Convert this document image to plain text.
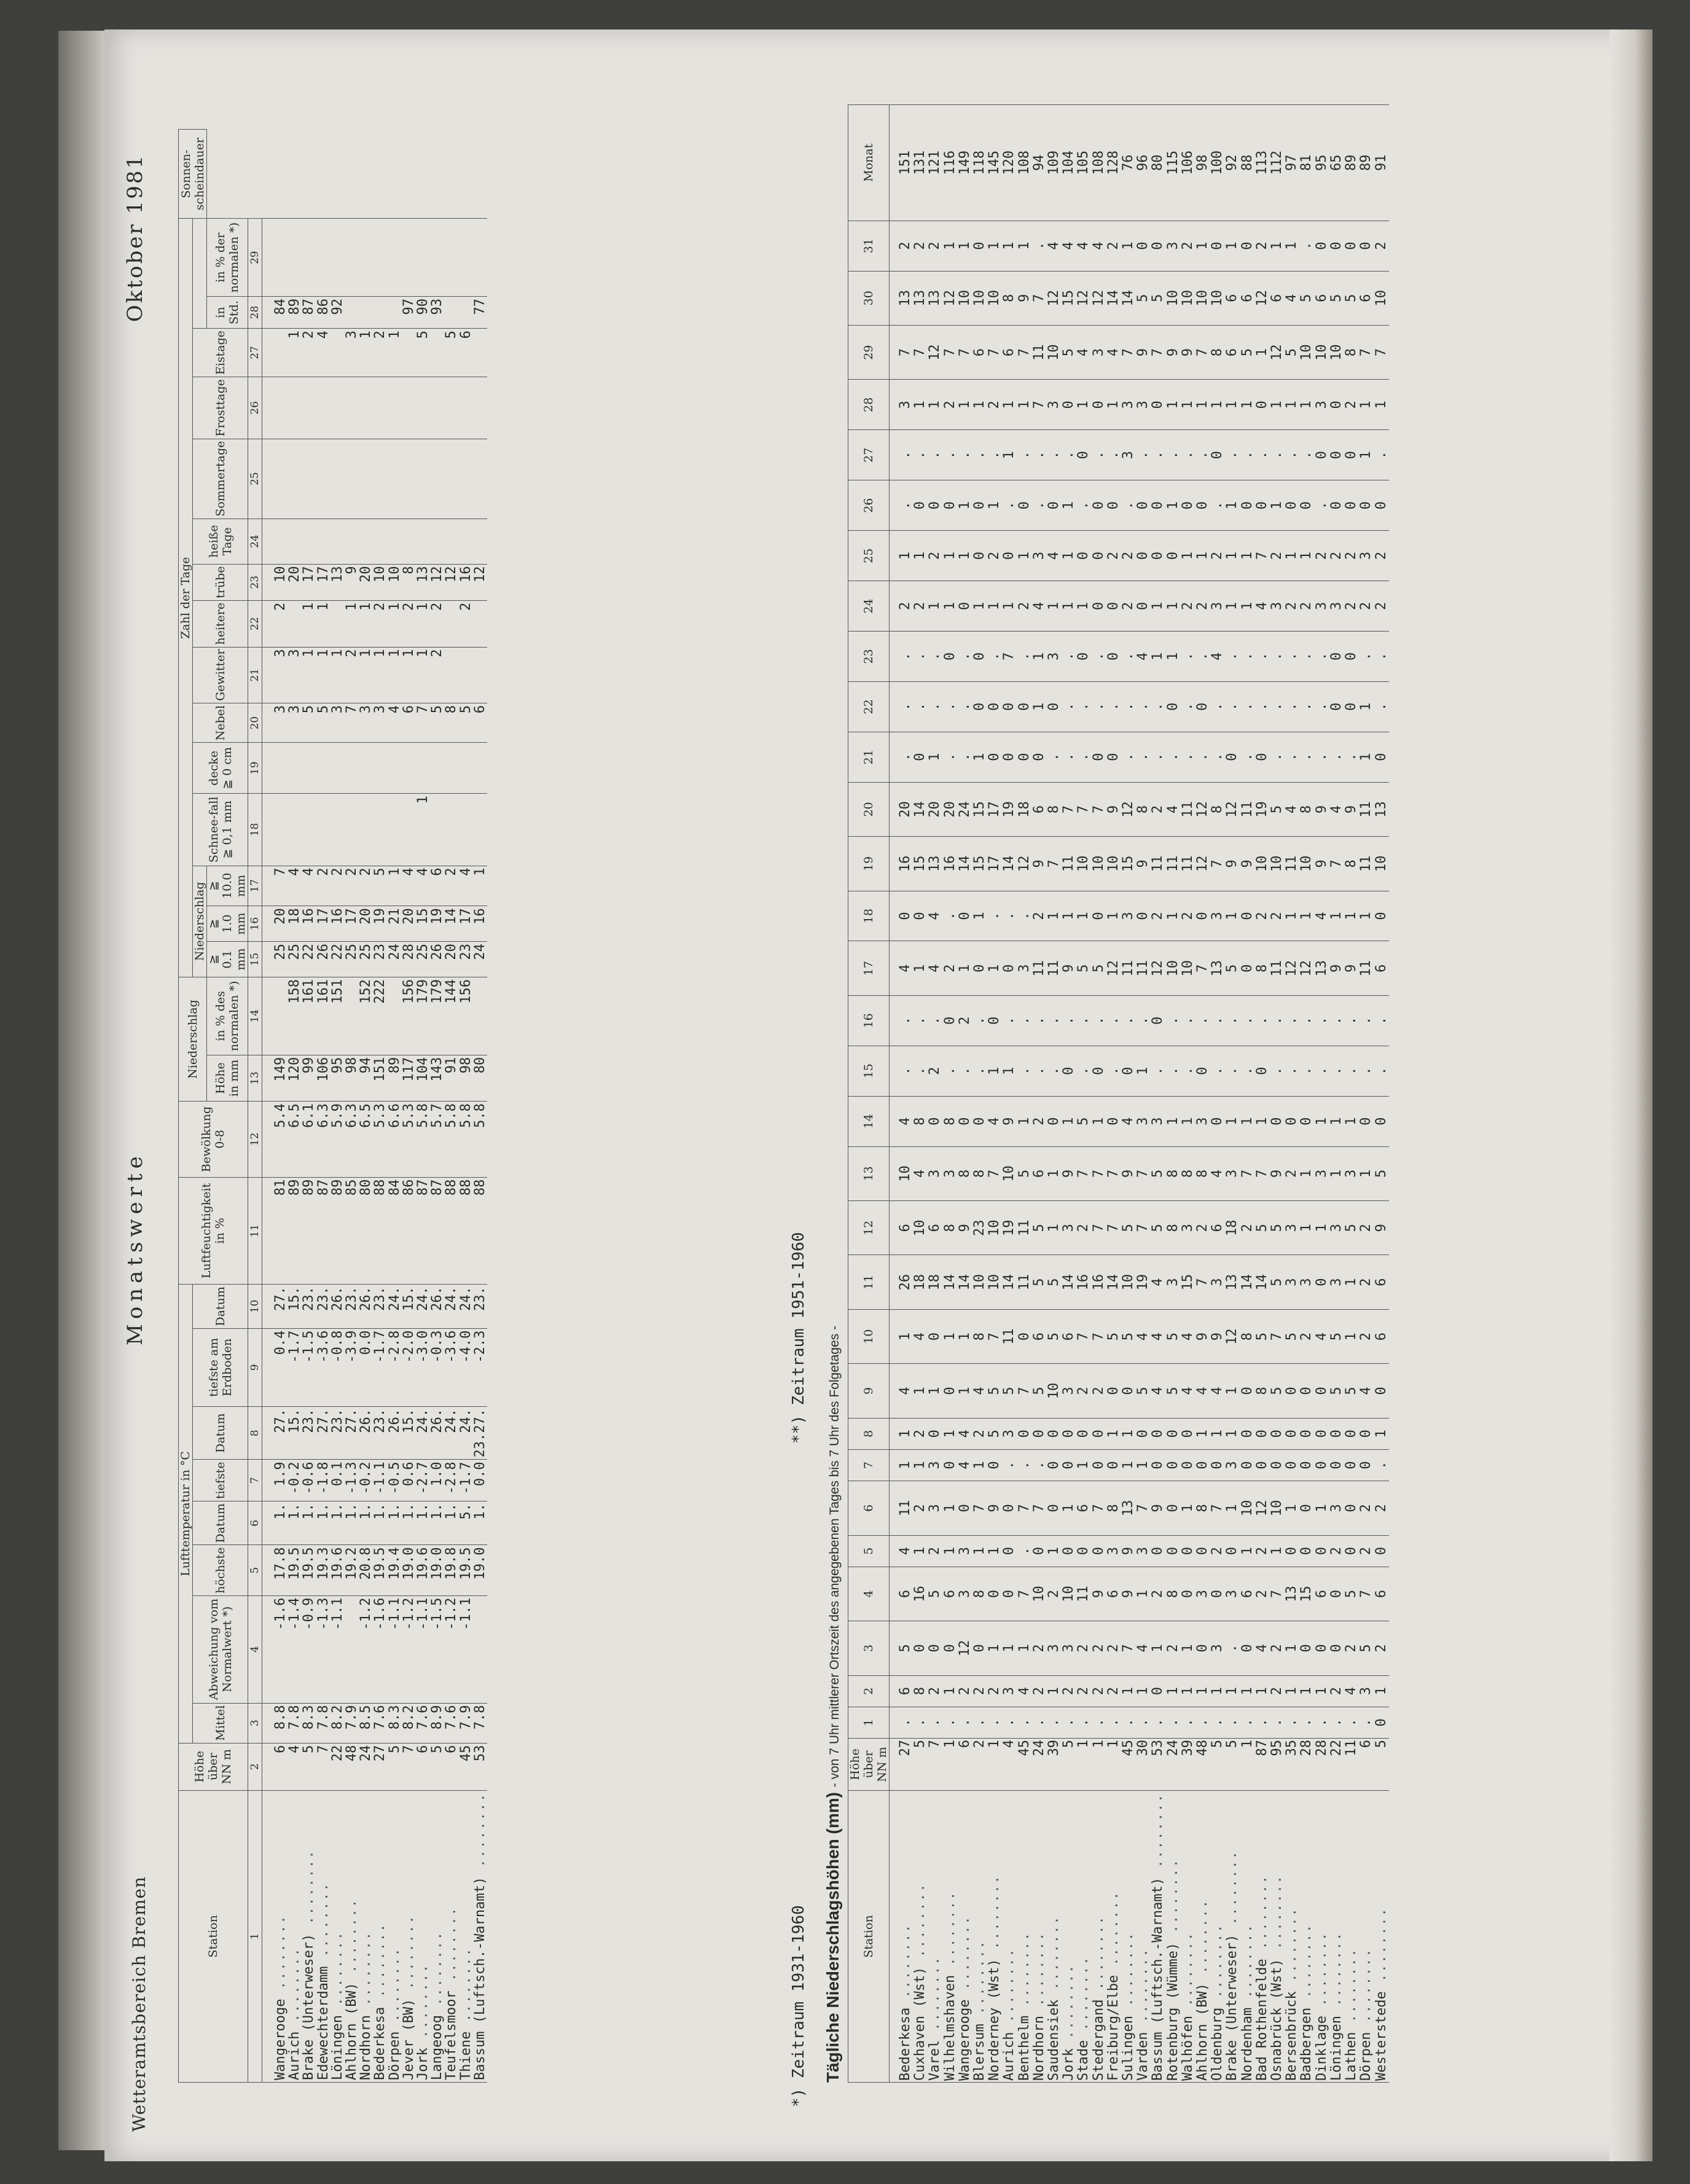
Wetteramtsbereich Bremen
Monatswerte
Oktober 1981
Station	Höhe über NN m	Lufttemperatur in °C								Luftfeuchtigkeit in %	Bewölkung 0-8	Niederschlag		Zahl der Tage															Sonnen-scheindauer
		Mittel	Abweichung vom Normalwert *)	höchste	Datum	tiefste	Datum	tiefste am Erdboden	Datum					Niederschlag			Schnee-fall ≧ 0,1 mm	decke ≧ 0 cm	Nebel	Gewitter	heitere	trübe	heiße Tage	Sommertage	Frosttage	Eistage			
												Höhe in mm	in % des normalen *)	≧ 0.1 mm	≧ 1.0 mm	≧ 10.0 mm											in Std.	in % der normalen *)	
1	2	3	4	5	6	7	8	9	10	11	12	13	14	15	16	17	18	19	20	21	22	23	24	25	26	27	28	29	
Wangerooge ........	6	8.8	-1.6	17.8	1.	1.9	27.	0.4	27.	81	5.4	149		25	20	7			3	3	2	10					84		
Aurich ........	4	7.8	-1.4	19.5	1.	-0.2	15.	-1.7	15.	89	6.5	120	158	25	18	4			3	3		20				1	89		
Brake (Unterweser) ........	5	8.3	-0.9	19.5	1.	-0.6	23.	-1.5	23.	89	6.1	99	161	22	16	4			5	1	1	17				2	87		
Edewechterdamm ........	7	7.8	-1.3	19.3	1.	-1.8	27.	-3.6	23.	87	6.3	106	161	26	17	2			5	1	1	17				4	86		
Löningen ........	22	8.2	-1.1	19.6	1.	0.1	23.	-0.8	26.	89	5.9	95	151	22	16	2			3	1		13					92		
Ahlhorn (BW) ........	48	7.9		19.2	1.	-1.3	27.	-3.9	23.	85	6.3	98		25	17	2			7	2	1	9				3			
Nordhorn ........	24	8.5	-1.2	20.8	1.	-0.2	26.	0.0	26.	80	6.5	94	152	25	20	2			3	1	1	20				1			
Bederkesa ........	27	7.6	-1.6	19.5	1.	-1.1	23.	-1.7	23.	88	5.3	151	222	23	19	5			3	1	2	10				2			
Dörpen ........	5	8.3	-1.1	19.4	1.	-0.5	26.	-2.8	24.	84	6.6	89		24	21	1			4	1	1	10				1			
Jever (BW) ........	7	8.2	-1.2	19.0	1.	0.6	15.	-2.0	15.	86	5.3	117	156	28	20	4			6	1	2	8					97		
Jork ........	6	7.6	-1.1	19.6	1.	-2.7	24.	-3.0	24.	87	5.8	104	179	25	15	4	1		7	1	1	13				5	90		
Langeoog ........	5	8.9	-1.5	19.0	1.	1.0	26.	-0.3	26.	87	5.7	143	179	26	19	6			5	2	2	12					93		
Teufelsmoor ........	6	7.6	-1.2	19.8	1.	-2.8	24.	-3.6	24.	88	5.8	91	144	20	14	2			8			12				5			
Thiene ........	45	7.9	-1.1	19.5	5.	-1.7	24.	-4.0	24.	88	5.8	98	156	23	17	4			5		2	16				6			
Bassum (Luftsch.-Warnamt) ........	53	7.8		19.0	1.	0.0	23.27.	-2.3	23.	88	5.8	80		24	16	1			6			12					77		
*) Zeitraum 1931-1960
**) Zeitraum 1951-1960
Tägliche Niederschlagshöhen (mm) - von 7 Uhr mittlerer Ortszeit des angegebenen Tages bis 7 Uhr des Folgetages -
Station	Höhe über NN m	1	2	3	4	5	6	7	8	9	10	11	12	13	14	15	16	17	18	19	20	21	22	23	24	25	26	27	28	29	30	31	Monat
Bederkesa ........	27	.	6	5	6	4	11	1	1	4	1	26	6	10	4	.	.	4	0	16	20	.	.	.	2	1	.	.	3	7	13	2	151
Cuxhaven (Wst) ........	5	.	8	0	16	1	2	1	2	1	4	18	10	4	8	.	.	1	0	15	14	0	.	.	2	1	0	.	1	7	13	2	131
Varel ........	7	.	2	0	5	2	3	3	0	1	0	18	6	3	0	2	.	4	4	13	20	1	.	.	1	2	0	.	1	12	13	2	121
Wilhelmshaven ........	1	.	1	0	6	1	1	0	1	0	1	14	8	3	8	.	0	2	.	16	20	.	.	0	1	1	0	.	2	7	12	1	116
Wangerooge ........	6	.	2	12	3	3	0	4	4	1	1	14	9	8	0	.	2	1	0	14	24	.	.	.	0	1	1	.	1	7	10	1	149
Blersum ........	2	.	2	0	8	1	7	1	2	4	8	10	23	8	0	.	.	0	1	15	15	1	0	0	1	0	0	.	1	6	10	0	118
Norderney (Wst) ........	1	.	2	1	0	1	9	0	5	5	7	10	10	7	4	1	0	1	.	17	17	0	0	.	1	2	1	.	2	7	10	1	145
Aurich ........	4	.	3	1	0	0	0	.	3	5	11	14	19	10	9	1	.	0	.	14	19	0	0	7	1	0	.	1	1	6	8	1	120
Benthelm ........	45	.	4	1	7	.	7	.	0	7	0	11	11	5	1	.	.	3	.	12	18	0	0	.	2	1	0	.	1	7	9	1	108
Nordhorn ........	24	.	2	2	10	0	7	.	0	5	6	5	5	6	2	.	.	11	2	9	6	0	1	1	4	3	.	.	7	11	7	.	94
Saudensiek ........	39	.	1	3	2	1	0	0	0	10	5	5	1	1	0	.	.	11	1	7	8	.	0	3	1	4	0	.	3	10	12	4	109
Jork ........	5	.	2	3	10	0	1	0	0	3	6	14	3	9	1	0	.	9	1	11	7	.	.	.	1	1	1	.	0	5	15	4	104
Stade ........	1	.	2	2	11	0	6	1	0	2	7	16	2	7	5	.	.	5	1	10	7	.	.	0	1	0	.	0	1	4	12	4	105
Stedergand ........	1	.	2	2	9	0	7	0	0	2	7	16	7	7	1	0	.	5	0	10	7	0	.	.	0	0	0	.	0	3	12	4	108
Freiburg/Elbe ........	1	.	2	2	6	3	8	0	1	0	5	14	7	7	0	.	.	12	1	10	9	0	.	0	0	2	0	.	1	4	14	2	128
Sulingen ........	45	.	1	7	9	9	13	1	1	0	5	10	5	9	4	0	.	11	3	15	12	.	.	.	2	2	.	3	3	7	14	1	76
Varden ........	30	.	1	4	1	3	7	1	0	5	4	19	7	7	3	1	.	11	0	9	8	.	.	4	0	0	0	.	3	9	5	0	96
Bassum (Luftsch.-Warnamt) ........	53	.	0	1	2	0	9	0	0	4	4	4	5	5	3	.	0	12	2	11	2	.	.	1	1	0	0	.	0	7	5	0	80
Rotenburg (Wümme) ........	24	.	1	2	8	0	0	0	0	5	5	3	8	8	1	.	.	10	1	11	4	.	0	1	1	0	1	.	1	9	10	3	115
Walhöfen ........	39	.	1	1	0	0	1	0	0	4	4	15	3	8	1	.	.	10	2	11	11	.	.	.	2	1	0	.	1	9	10	2	106
Ahlhorn (BW) ........	48	.	1	0	3	0	8	0	1	4	9	7	2	8	3	0	.	7	0	12	12	.	0	.	2	1	0	.	1	7	10	1	98
Oldenburg ........	5	.	1	3	0	2	7	0	1	4	9	3	6	4	0	.	.	13	3	7	8	.	.	4	3	2	.	0	1	8	10	0	100
Brake (Unterweser) ........	5	.	1	.	3	0	1	3	1	1	12	13	18	3	1	.	.	5	1	9	12	0	.	.	1	1	1	.	1	6	6	1	92
Nordenham ........	1	.	1	0	6	1	10	0	0	0	8	14	2	7	1	.	.	0	0	9	11	.	.	.	1	1	0	.	1	5	6	0	88
Bad Rothenfelde ........	87	.	1	4	2	2	12	0	0	8	5	14	5	7	1	0	.	8	2	10	19	0	.	.	4	7	0	.	0	1	12	2	113
Osnabrück (Wst) ........	95	.	2	2	7	1	10	0	0	5	7	5	5	9	0	.	.	11	2	10	5	.	.	.	3	2	1	.	1	12	6	1	112
Bersenbrück ........	35	.	1	1	13	0	1	0	0	0	5	3	3	2	0	.	.	12	1	11	4	.	.	.	2	1	0	.	1	5	4	1	97
Badbergen ........	28	.	1	0	15	0	0	0	0	0	2	3	1	1	0	.	.	12	1	10	8	.	.	.	2	1	0	.	1	10	5	.	81
Dinklage ........	28	.	1	0	6	0	1	0	0	0	4	0	1	3	1	.	.	13	4	9	9	.	.	.	3	2	.	0	3	10	6	0	95
Löningen ........	22	.	2	0	0	2	3	0	0	5	5	3	3	1	1	.	.	9	1	7	4	.	0	0	3	2	0	0	0	10	5	0	65
Lathen ........	11	.	4	2	5	0	0	0	0	5	1	1	5	3	1	.	.	9	1	8	9	.	0	0	2	2	0	0	2	8	5	0	89
Dörpen ........	6	.	3	5	7	2	2	0	0	4	2	2	2	1	0	.	.	11	1	11	11	1	1	.	2	3	0	1	1	7	6	0	89
Westerstede ........	5	0	1	2	6	0	2	.	1	0	6	6	9	5	0	.	.	6	0	10	13	0	.	.	2	2	0	.	1	7	10	2	91
